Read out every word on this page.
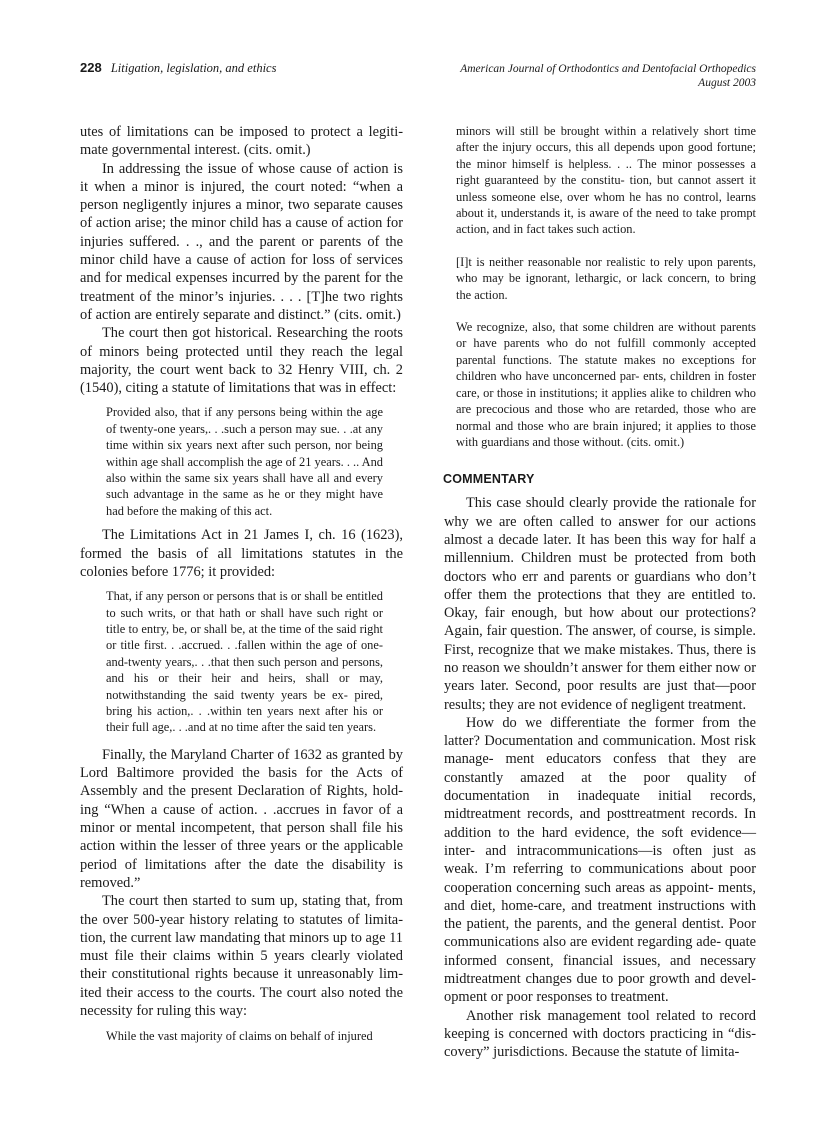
228 Litigation, legislation, and ethics	American Journal of Orthodontics and Dentofacial Orthopedics
August 2003

utes of limitations can be imposed to protect a legiti- mate governmental interest. (cits. omit.)

In addressing the issue of whose cause of action is it when a minor is injured, the court noted: “when a person negligently injures a minor, two separate causes of action arise; the minor child has a cause of action for injuries suffered. . ., and the parent or parents of the minor child have a cause of action for loss of services and for medical expenses incurred by the parent for the treatment of the minor’s injuries. . . . [T]he two rights of action are entirely separate and distinct.” (cits. omit.)

The court then got historical. Researching the roots of minors being protected until they reach the legal majority, the court went back to 32 Henry VIII, ch. 2 (1540), citing a statute of limitations that was in effect:

Provided also, that if any persons being within the age of twenty-one years,. . .such a person may sue. . .at any time within six years next after such person, nor being within age shall accomplish the age of 21 years. . .. And also within the same six years shall have all and every such advantage in the same as he or they might have had before the making of this act.

The Limitations Act in 21 James I, ch. 16 (1623), formed the basis of all limitations statutes in the colonies before 1776; it provided:

That, if any person or persons that is or shall be entitled to such writs, or that hath or shall have such right or title to entry, be, or shall be, at the time of the said right or title first. . .accrued. . .fallen within the age of one-and-twenty years,. . .that then such person and persons, and his or their heir and heirs, shall or may, notwithstanding the said twenty years be ex- pired, bring his action,. . .within ten years next after his or their full age,. . .and at no time after the said ten years.

Finally, the Maryland Charter of 1632 as granted by Lord Baltimore provided the basis for the Acts of Assembly and the present Declaration of Rights, hold- ing “When a cause of action. . .accrues in favor of a minor or mental incompetent, that person shall file his action within the lesser of three years or the applicable period of limitations after the date the disability is removed.”

The court then started to sum up, stating that, from the over 500-year history relating to statutes of limita- tion, the current law mandating that minors up to age 11 must file their claims within 5 years clearly violated their constitutional rights because it unreasonably lim- ited their access to the courts. The court also noted the necessity for ruling this way:

While the vast majority of claims on behalf of injured

minors will still be brought within a relatively short time after the injury occurs, this all depends upon good fortune; the minor himself is helpless. . .. The minor possesses a right guaranteed by the constitu- tion, but cannot assert it unless someone else, over whom he has no control, learns about it, understands it, is aware of the need to take prompt action, and in fact takes such action.

[I]t is neither reasonable nor realistic to rely upon parents, who may be ignorant, lethargic, or lack concern, to bring the action.

We recognize, also, that some children are without parents or have parents who do not fulfill commonly accepted parental functions. The statute makes no exceptions for children who have unconcerned par- ents, children in foster care, or those in institutions; it applies alike to children who are precocious and those who are retarded, those who are normal and those who are brain injured; it applies to those with guardians and those without. (cits. omit.)

COMMENTARY

This case should clearly provide the rationale for why we are often called to answer for our actions almost a decade later. It has been this way for half a millennium. Children must be protected from both doctors who err and parents or guardians who don’t offer them the protections that they are entitled to. Okay, fair enough, but how about our protections? Again, fair question. The answer, of course, is simple. First, recognize that we make mistakes. Thus, there is no reason we shouldn’t answer for them either now or years later. Second, poor results are just that—poor results; they are not evidence of negligent treatment.

How do we differentiate the former from the latter? Documentation and communication. Most risk manage- ment educators confess that they are constantly amazed at the poor quality of documentation in inadequate initial records, midtreatment records, and posttreatment records. In addition to the hard evidence, the soft evidence—inter- and intracommunications—is often just as weak. I’m referring to communications about poor cooperation concerning such areas as appoint- ments, and diet, home-care, and treatment instructions with the patient, the parents, and the general dentist. Poor communications also are evident regarding ade- quate informed consent, financial issues, and necessary midtreatment changes due to poor growth and devel- opment or poor responses to treatment.

Another risk management tool related to record keeping is concerned with doctors practicing in “dis- covery” jurisdictions. Because the statute of limita-
